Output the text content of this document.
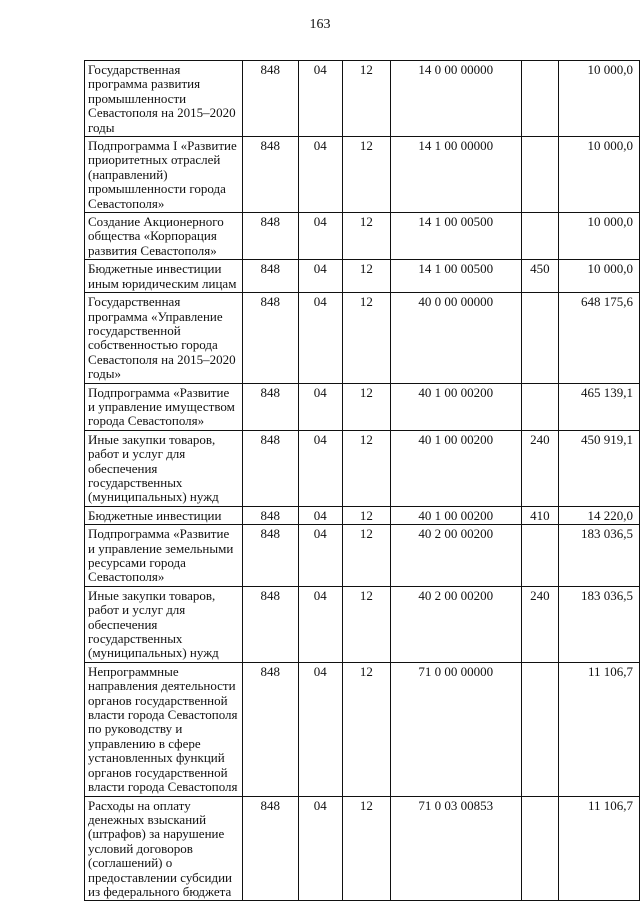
163
Государственная программа развития промышленности Севастополя на 2015–2020 годы	848	04	12	14 0 00 00000		10 000,0
Подпрограмма I «Развитие приоритетных отраслей (направлений) промышленности города Севастополя»	848	04	12	14 1 00 00000		10 000,0
Создание Акционерного общества «Корпорация развития Севастополя»	848	04	12	14 1 00 00500		10 000,0
Бюджетные инвестиции иным юридическим лицам	848	04	12	14 1 00 00500	450	10 000,0
Государственная программа «Управление государственной собственностью города Севастополя на 2015–2020 годы»	848	04	12	40 0 00 00000		648 175,6
Подпрограмма «Развитие и управление имуществом города Севастополя»	848	04	12	40 1 00 00200		465 139,1
Иные закупки товаров, работ и услуг для обеспечения государственных (муниципальных) нужд	848	04	12	40 1 00 00200	240	450 919,1
Бюджетные инвестиции	848	04	12	40 1 00 00200	410	14 220,0
Подпрограмма «Развитие и управление земельными ресурсами города Севастополя»	848	04	12	40 2 00 00200		183 036,5
Иные закупки товаров, работ и услуг для обеспечения государственных (муниципальных) нужд	848	04	12	40 2 00 00200	240	183 036,5
Непрограммные направления деятельности органов государственной власти города Севастополя по руководству и управлению в сфере установленных функций органов государственной власти города Севастополя	848	04	12	71 0 00 00000		11 106,7
Расходы на оплату денежных взысканий (штрафов) за нарушение условий договоров (соглашений) о предоставлении субсидии из федерального бюджета	848	04	12	71 0 03 00853		11 106,7
